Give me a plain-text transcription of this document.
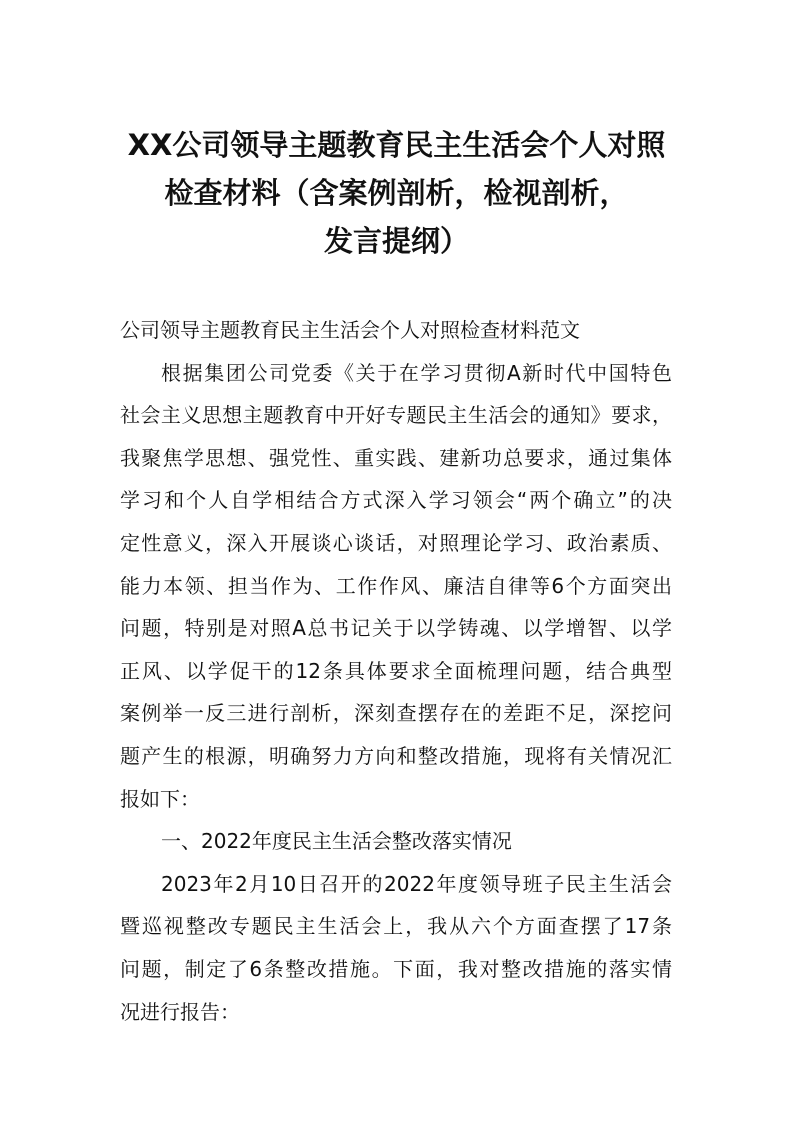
XX公司领导主题教育民主生活会个人对照
检查材料（含案例剖析，检视剖析，
发言提纲）
公司领导主题教育民主生活会个人对照检查材料范文
根据集团公司党委《关于在学习贯彻A新时代中国特色
社会主义思想主题教育中开好专题民主生活会的通知》要求，
我聚焦学思想、强党性、重实践、建新功总要求，通过集体
学习和个人自学相结合方式深入学习领会“两个确立”的决
定性意义，深入开展谈心谈话，对照理论学习、政治素质、
能力本领、担当作为、工作作风、廉洁自律等6个方面突出
问题，特别是对照A总书记关于以学铸魂、以学增智、以学
正风、以学促干的12条具体要求全面梳理问题，结合典型
案例举一反三进行剖析，深刻查摆存在的差距不足，深挖问
题产生的根源，明确努力方向和整改措施，现将有关情况汇
报如下：
一、2022年度民主生活会整改落实情况
2023年2月10日召开的2022年度领导班子民主生活会
暨巡视整改专题民主生活会上，我从六个方面查摆了17条
问题，制定了6条整改措施。下面，我对整改措施的落实情
况进行报告：
